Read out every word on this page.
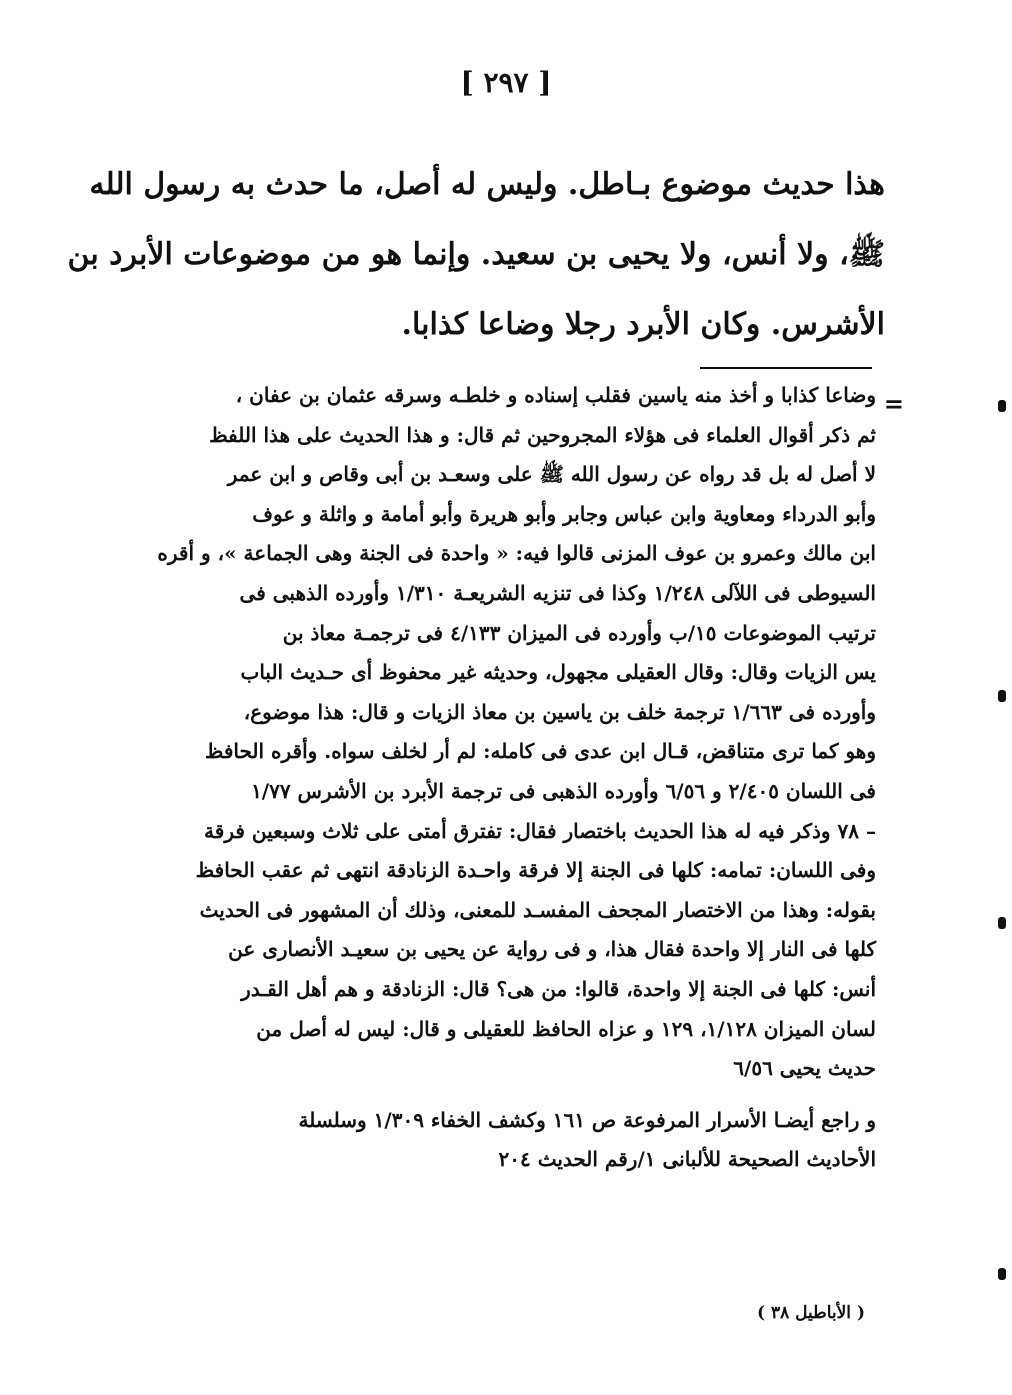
[ ٢٩٧ ]
هذا حديث موضوع بـاطل. وليس له أصل، ما حدث به رسول الله
ﷺ، ولا أنس، ولا يحيى بن سعيد. وإنما هو من موضوعات الأبرد بن
الأشرس. وكان الأبرد رجلا وضاعا كذابا.
=
وضاعا كذابا و أخذ منه ياسين فقلب إسناده و خلطـه وسرقه عثمان بن عفان ،
ثم ذكر أقوال العلماء فى هؤلاء المجروحين ثم قال: و هذا الحديث على هذا اللفظ
لا أصل له بل قد رواه عن رسول الله ﷺ على وسعـد بن أبى وقاص و ابن عمر
وأبو الدرداء ومعاوية وابن عباس وجابر وأبو هريرة وأبو أمامة و واثلة و عوف
ابن مالك وعمرو بن عوف المزنى قالوا فيه: « واحدة فى الجنة وهى الجماعة »، و أقره
السيوطى فى اللآلى ١/٢٤٨ وكذا فى تنزيه الشريعـة ١/٣١٠ وأورده الذهبى فى
ترتيب الموضوعات ١٥/ب وأورده فى الميزان ٤/١٣٣ فى ترجمـة معاذ بن
يس الزيات وقال: وقال العقيلى مجهول، وحديثه غير محفوظ أى حـديث الباب
وأورده فى ١/٦٦٣ ترجمة خلف بن ياسين بن معاذ الزيات و قال: هذا موضوع،
وهو كما ترى متناقض، قـال ابن عدى فى كامله: لم أر لخلف سواه. وأقره الحافظ
فى اللسان ٢/٤٠٥ و ٦/٥٦ وأورده الذهبى فى ترجمة الأبرد بن الأشرس ١/٧٧
– ٧٨ وذكر فيه له هذا الحديث باختصار فقال: تفترق أمتى على ثلاث وسبعين فرقة
وفى اللسان: تمامه: كلها فى الجنة إلا فرقة واحـدة الزنادقة انتهى ثم عقب الحافظ
بقوله: وهذا من الاختصار المجحف المفسـد للمعنى، وذلك أن المشهور فى الحديث
كلها فى النار إلا واحدة فقال هذا، و فى رواية عن يحيى بن سعيـد الأنصارى عن
أنس: كلها فى الجنة إلا واحدة، قالوا: من هى؟ قال: الزنادقة و هم أهل القـدر
لسان الميزان ١/١٢٨، ١٢٩ و عزاه الحافظ للعقيلى و قال: ليس له أصل من
حديث يحيى ٦/٥٦
و راجع أيضـا الأسرار المرفوعة ص ١٦١ وكشف الخفاء ١/٣٠٩ وسلسلة
الأحاديث الصحيحة للألبانى ١/رقم الحديث ٢٠٤
( الأباطيل ٣٨ )
